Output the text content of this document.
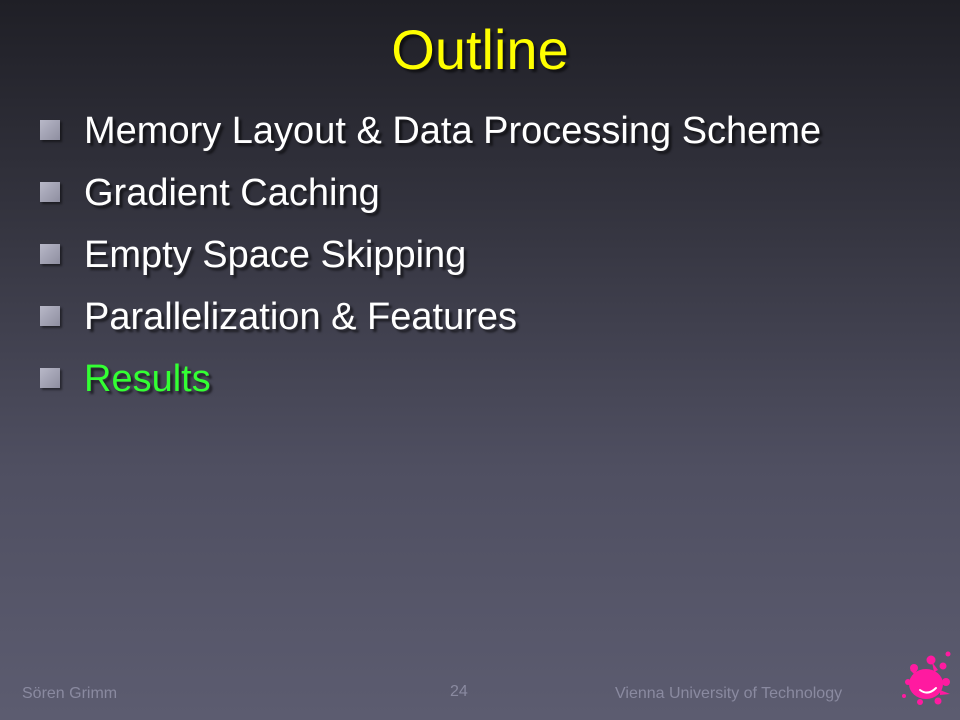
Outline
Memory Layout & Data Processing Scheme
Gradient Caching
Empty Space Skipping
Parallelization & Features
Results
Sören Grimm	24	Vienna University of Technology
